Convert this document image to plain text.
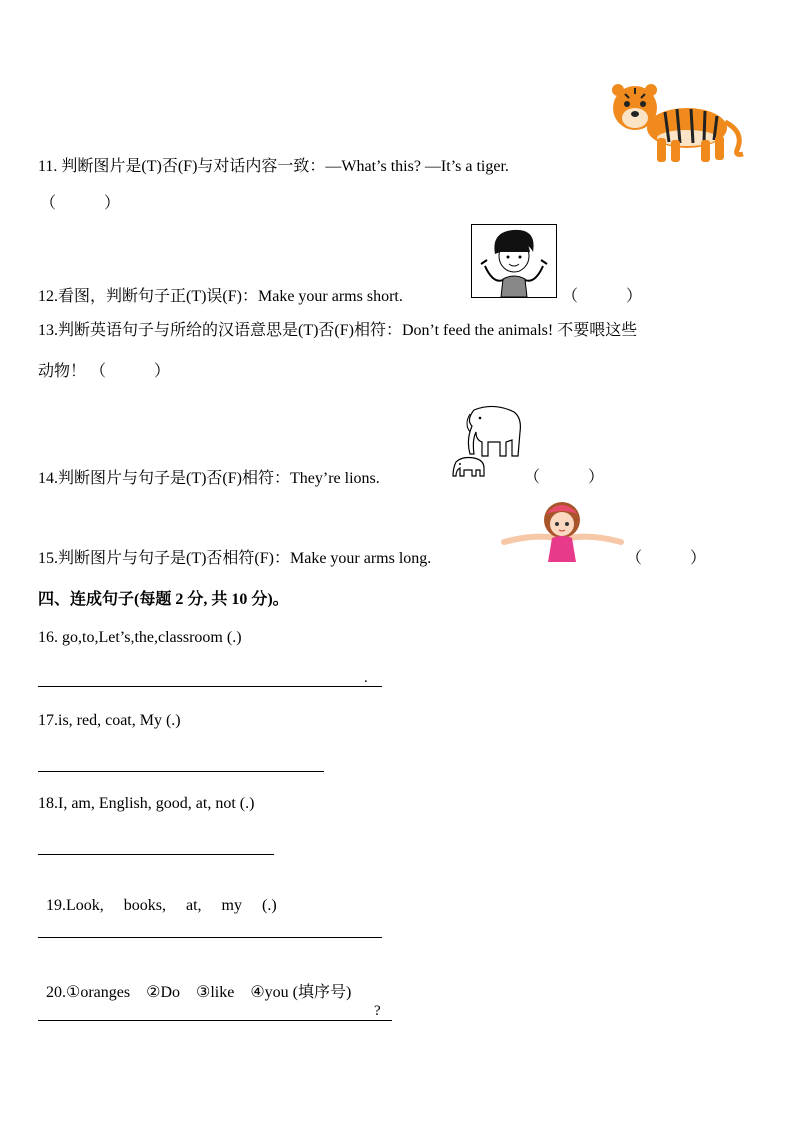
11. 判断图片是(T)否(F)与对话内容一致：—What’s this? —It’s a tiger.
（　　　）
12.看图，判断句子正(T)误(F)：Make your arms short.	（　　　）
13.判断英语句子与所给的汉语意思是(T)否(F)相符：Don’t feed the animals! 不要喂这些
动物！ （　　　）
14.判断图片与句子是(T)否(F)相符：They’re lions.	（　　　）
15.判断图片与句子是(T)否相符(F)：Make your arms long.	（　　　）
四、连成句子(每题 2 分, 共 10 分)。
16. go,to,Let’s,the,classroom (.)
.
17.is, red, coat, My (.)
18.I, am, English, good, at, not (.)

19.Look,     books,     at,     my     (.)

20.①oranges    ②Do    ③like    ④you (填序号)

?
